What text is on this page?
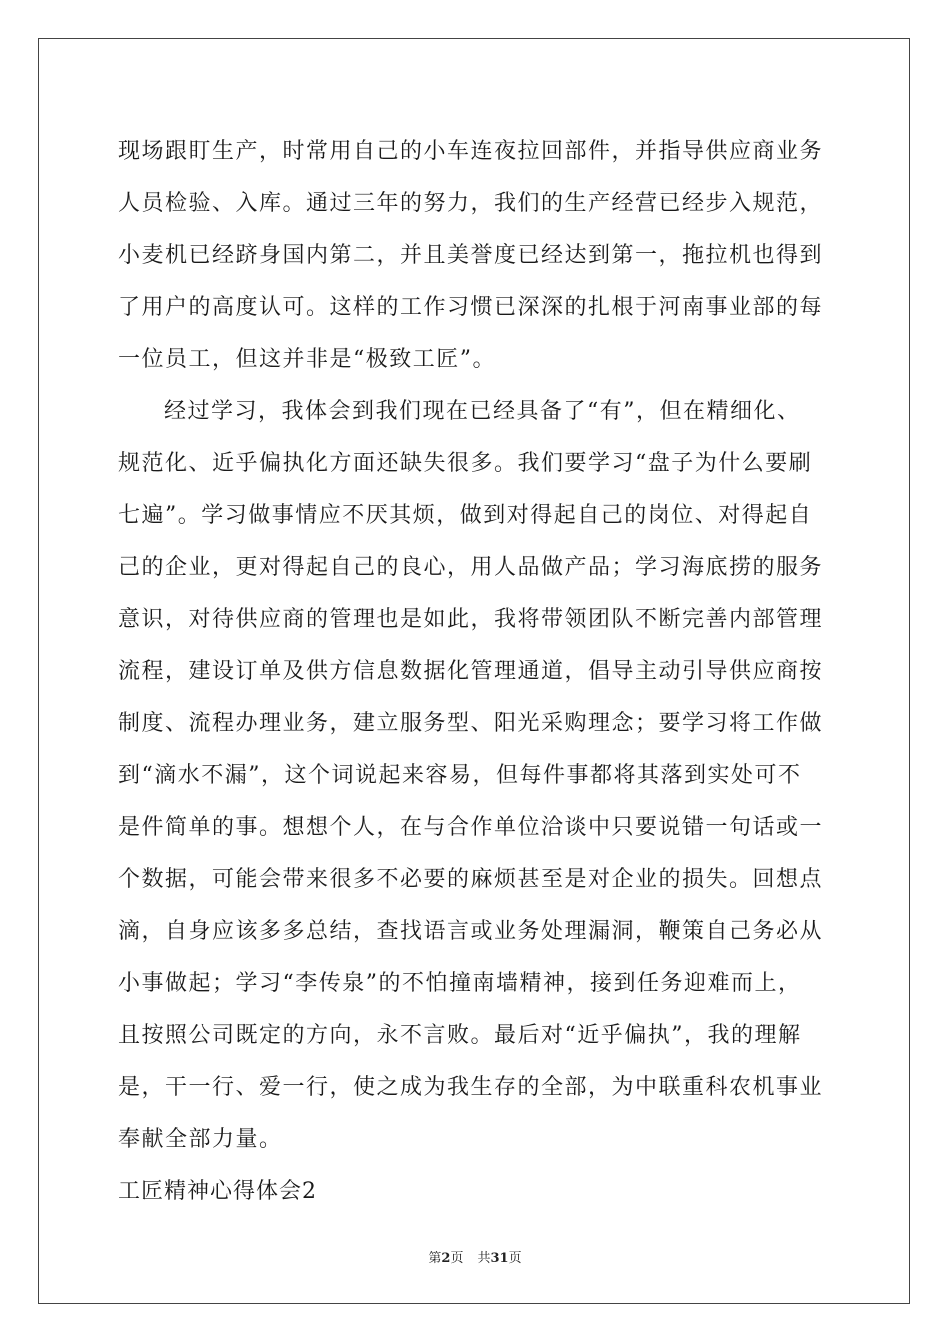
现场跟盯生产，时常用自己的小车连夜拉回部件，并指导供应商业务
人员检验、入库。通过三年的努力，我们的生产经营已经步入规范，
小麦机已经跻身国内第二，并且美誉度已经达到第一，拖拉机也得到
了用户的高度认可。这样的工作习惯已深深的扎根于河南事业部的每
一位员工，但这并非是“极致工匠”。
经过学习，我体会到我们现在已经具备了“有”，但在精细化、
规范化、近乎偏执化方面还缺失很多。我们要学习“盘子为什么要刷
七遍”。学习做事情应不厌其烦，做到对得起自己的岗位、对得起自
己的企业，更对得起自己的良心，用人品做产品；学习海底捞的服务
意识，对待供应商的管理也是如此，我将带领团队不断完善内部管理
流程，建设订单及供方信息数据化管理通道，倡导主动引导供应商按
制度、流程办理业务，建立服务型、阳光采购理念；要学习将工作做
到“滴水不漏”，这个词说起来容易，但每件事都将其落到实处可不
是件简单的事。想想个人，在与合作单位洽谈中只要说错一句话或一
个数据，可能会带来很多不必要的麻烦甚至是对企业的损失。回想点
滴，自身应该多多总结，查找语言或业务处理漏洞，鞭策自己务必从
小事做起；学习“李传泉”的不怕撞南墙精神，接到任务迎难而上，
且按照公司既定的方向，永不言败。最后对“近乎偏执”，我的理解
是，干一行、爱一行，使之成为我生存的全部，为中联重科农机事业
奉献全部力量。
工匠精神心得体会2
第2页 共31页
